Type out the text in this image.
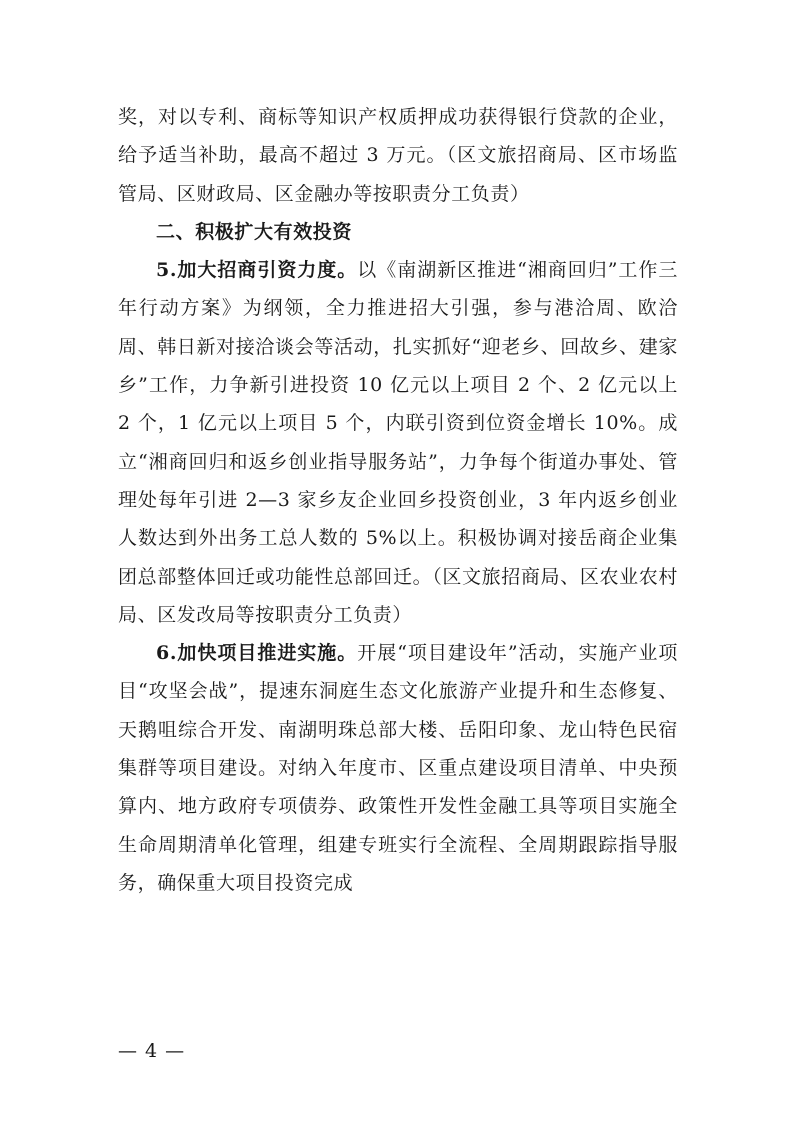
奖，对以专利、商标等知识产权质押成功获得银行贷款的企业，给予适当补助，最高不超过 3 万元。（区文旅招商局、区市场监管局、区财政局、区金融办等按职责分工负责）

二、积极扩大有效投资

5.加大招商引资力度。以《南湖新区推进“湘商回归”工作三年行动方案》为纲领，全力推进招大引强，参与港洽周、欧洽周、韩日新对接洽谈会等活动，扎实抓好“迎老乡、回故乡、建家乡”工作，力争新引进投资 10 亿元以上项目 2 个、2 亿元以上 2 个，1 亿元以上项目 5 个，内联引资到位资金增长 10%。成立“湘商回归和返乡创业指导服务站”，力争每个街道办事处、管理处每年引进 2—3 家乡友企业回乡投资创业，3 年内返乡创业人数达到外出务工总人数的 5%以上。积极协调对接岳商企业集团总部整体回迁或功能性总部回迁。（区文旅招商局、区农业农村局、区发改局等按职责分工负责）

6.加快项目推进实施。开展“项目建设年”活动，实施产业项目“攻坚会战”，提速东洞庭生态文化旅游产业提升和生态修复、天鹅咀综合开发、南湖明珠总部大楼、岳阳印象、龙山特色民宿集群等项目建设。对纳入年度市、区重点建设项目清单、中央预算内、地方政府专项债券、政策性开发性金融工具等项目实施全生命周期清单化管理，组建专班实行全流程、全周期跟踪指导服务，确保重大项目投资完成

— 4 —
